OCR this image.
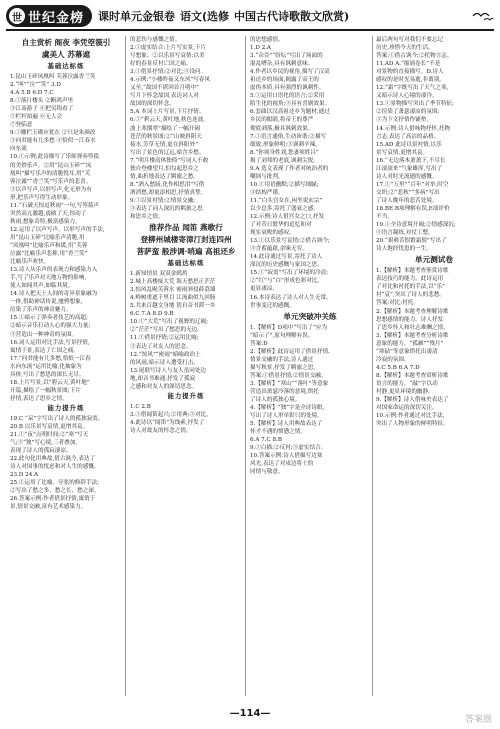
世 世纪金榜 课时单元金银卷 语文(选修 中国古代诗歌散文欣赏)
自主赏析 阁夜 李凭箜篌引
虞美人 苏幕遮
基础达标练

1.昆山玉碎凤凰叫 芙蓉泣露香兰笑

2.“叫”“泣”“笑” 3.D

4.A 5.B 6.D 7.C

8.①落日楼头 ②断鸿声里

③江南游子 ④把吴钩看了

⑤栏杆拍遍 ⑥无人会

⑦登临意

9.①雕栏玉砌应犹在 ②只是朱颜改

③问君能有几多愁 ④恰似一江春水

向东流

10.①示例:此诗描写了乐师弹奏箜篌

的美妙乐声。②用“昆山玉碎”“凤

凰叫”描写乐声的清脆悦耳,用“芙

蓉泣露”“香兰笑”写乐声的悲喜。

③以声写声,以形写声,化无形为有

形,把乐声写得生动形象。

11.“石破天惊逗秋雨”一句,写箜篌声

突然高亢激越,震破了天,惊动了

秋雨,想象奇特,极富感染力。

12.运用了以声写声、以形写声的手法,

用“昆山玉碎”比喻乐声清脆,用

“凤凰叫”比喻乐声和缓,用“芙蓉

泣露”比喻乐声悲抑,用“香兰笑”

比喻乐声欢快。

13.诗人从乐声的表现力和感染力入

手,写了乐声对天地万物的影响,

使人如闻其声,如临其境。

14.诗人把天上人间的奇异景象融为

一体,借助神话传说,驰骋想象,

渲染了乐声的神奇魅力。

15.①暗示了弹奏者技艺的高超;

②暗示音乐打动人心的强大力量;

③营造出一种神奇的氛围。

16.词人运用对比手法,写景抒情,

寓情于景,表达了亡国之痛。

17.“问君能有几多愁,恰似一江春

水向东流”运用比喻,化抽象为

具体,写出了愁思的深长无尽。

18.上片写景,以“碧云天,黄叶地”

开篇,描绘了一幅秋景图;下片

抒情,表达了思乡之情。

能力提升练

19.C “呆”字写出了诗人的孤独寂寞。

20.B 以乐景写哀情,更增其哀。

21.①“夜”点明时间;②“寒”写天

气;③“独”写心境,三者叠加,

表现了诗人的孤寂凄凉。

22.此句化用典故,借古讽今,表达了

诗人对国事的忧虑和对人生的感慨。

23.D 24.A

25.①运用了比喻、夸张的修辞手法;

②写出了愁之多、愁之长、愁之深。

26.答案示例:作者借景抒情,寓情于

景,情景交融,富有艺术感染力。

的悲伤与感慨之情。

2.①虚实结合:上片写实景,下片

写想象。②以乐景写哀情:以美

好的春景反衬亡国之痛。

3.①借景抒情;②对比;③设问。

4.示例:“小楼昨夜又东风”写春风

又至,“故国不堪回首月明中”

写月下怀念故国,表达词人对

故国的深切怀念。

5.A 本词上片写景,下片抒情。

6.①“碧云天,黄叶地,秋色连波,

波上寒烟翠”描绘了一幅开阔

苍茫的秋景图;②“山映斜阳天

接水,芳草无情,更在斜阳外”

写出了景色的辽远,暗含乡愁。

7.“明月楼高休独倚”写词人不敢

独自登楼望月,怕勾起思乡之

情,曲折地表达了羁旅之愁。

8.“酒入愁肠,化作相思泪”写借

酒消愁,却更添相思,抒情真挚。

9.①以景衬情;②情景交融;

③表达了词人深沉的羁旅之思

和思乡之情。

推荐作品 闻笛 燕歌行
登柳州城楼寄漳汀封连四州
菩萨蛮 般涉调·哨遍 高祖还乡
基础达标练

1.新知情景 双双金鹧鸪

2.城上高楼接大荒 海天愁思正茫茫

3.惊风乱飐芙蓉水 密雨斜侵薜荔墙

4.岭树重遮千里目 江流曲似九回肠

5.共来百越文身地 犹自音书滞一乡

6.C 7.A 8.D 9.B

10.①“大荒”写出了视野的辽阔;

②“茫茫”写出了愁思的无边。

11.①借景抒情;②运用比喻;

③表达了对友人的思念。

12.“惊风”“密雨”暗喻政治上

的风雨,暗示诗人遭受打击。

13.尾联写诗人与友人虽同处边

地,却音书难通,抒发了孤寂

之感和对友人的深切思念。

能力提升练

1.C 2.B

3.①借闻笛起兴;②用典;③对比。

4.此诗以“闻笛”为线索,抒发了

诗人对故友的怀念之情。

的思想感情。

1.D 2.A

3.“杂沓”“纷纭”写出了场面的

混乱嘈杂,具有讽刺意味。

4.作者以乡民的视角,描写了汉高

祖还乡的场面,揭露了帝王的

虚伪本质,具有强烈的讽刺性。

5.①运用口语化的语言;②采用

陌生化的视角;③具有喜剧效果。

6.套曲以汉高祖还乡为题材,通过

乡民的眼睛,将帝王的尊严

彻底剥落,极具讽刺效果。

7.①语言通俗,生动诙谐;②描写

细致,形象鲜明;③讽刺辛辣。

8.“你须身姓刘,您妻须姓吕”

揭了刘邦的老底,讽刺尖锐。

9.A 选文表现了作者对统治者的

嘲讽与批判。

10.①用语幽默;②描写细腻;

③结构严谨。

11.“白头宫女在,闲坐说玄宗”

以少总多,寄托了盛衰之感。

12.示例:诗人借宫女之口,抒发

了对昔日繁华的追忆和对

现实衰败的感叹。

13.①以乐景写哀情;②借古讽今;

③含蓄蕴藉,余味无穷。

14.此诗通过写景,寄托了诗人

深沉的历史感慨与家国之思。

15.①“寂寞”写出了环境的冷清;

②“红”与“白”形成色彩对比,

更显凄凉。

16.本诗表达了诗人对人生无常、

世事变迁的感慨。

单元突破冲关练

1.【解析】D项中“写出了”应为

“暗示了”,原句理解有误。

答案:D

2.【解析】此诗运用了借景抒情、

情景交融的手法,诗人通过

描写秋景,抒发了羁旅之思。

答案:①借景抒情;②情景交融。

3.【解析】“寒山”“落叶”等意象

营造出萧瑟冷落的意境,烘托

了诗人的孤独心境。

4.【解析】“独”字是全诗诗眼,

写出了诗人形单影只的处境。

5.【解析】诗人用典故表达了

怀才不遇的愤懑之情。

6.A 7.C 8.B

9.①白描;②反衬;③虚实结合。

10.答案示例:诗人借描写边塞

风光,表达了对戍边将士的

同情与敬意。

最后两句写对我们不要忘记

历史,珍惜今天的生活。

答案:①借古讽今;②托物言志。

11.AD A.“缩诵卷长”不是

对景物的直接描写。D.诗人

感叹的是时光易逝,非离别。

12.“霜”字既写出了天气之寒,

又暗示诗人心境的凄冷。

13.①景物描写突出了季节特征;

②渲染了萧瑟凄凉的氛围;

③为下文抒情作铺垫。

14.示例:诗人借咏物抒怀,托物

言志,表达了高洁的品格。

15.AD 此诗以景衬情,以乐

景写哀情,更增其哀。

16.“无边落木萧萧下,不尽长

江滚滚来”气象雄浑,写出了

诗人对时光流逝的感慨。

17.①“万里”“百年”对举,时空

交织;②“悲秋”“多病”写出

了诗人晚年的悲苦处境。

18.BE B项理解有误,E项评价

不当。

19.①全诗意境开阔;②情感深沉;

③语言凝练,对仗工整。

20.“艰难苦恨繁霜鬓”写出了

诗人饱经忧患的一生。

单元测试卷

1.【解析】本题考查鉴赏诗歌

表达技巧的能力。此诗运用

了对比和衬托的手法,以“乐”

衬“哀”,突出了诗人的悲愁。

答案:对比;衬托。

2.【解析】本题考查理解诗歌

思想感情的能力。诗人抒发

了思乡怀人和壮志难酬之情。

3.【解析】本题考查分析诗歌

意象的能力。“孤雁”“残月”

“寒砧”等意象烘托出凄清

冷寂的氛围。

4.C 5.B 6.A 7.D

8.【解析】本题考查赏析诗歌

语言的能力。“敲”字以动

衬静,更显环境的幽静。

9.【解析】诗人借咏史表达了

对国家命运的深切关注。

10.示例:作者通过对比手法,

突出了人物形象的鲜明特征。

—114—
答案圈
